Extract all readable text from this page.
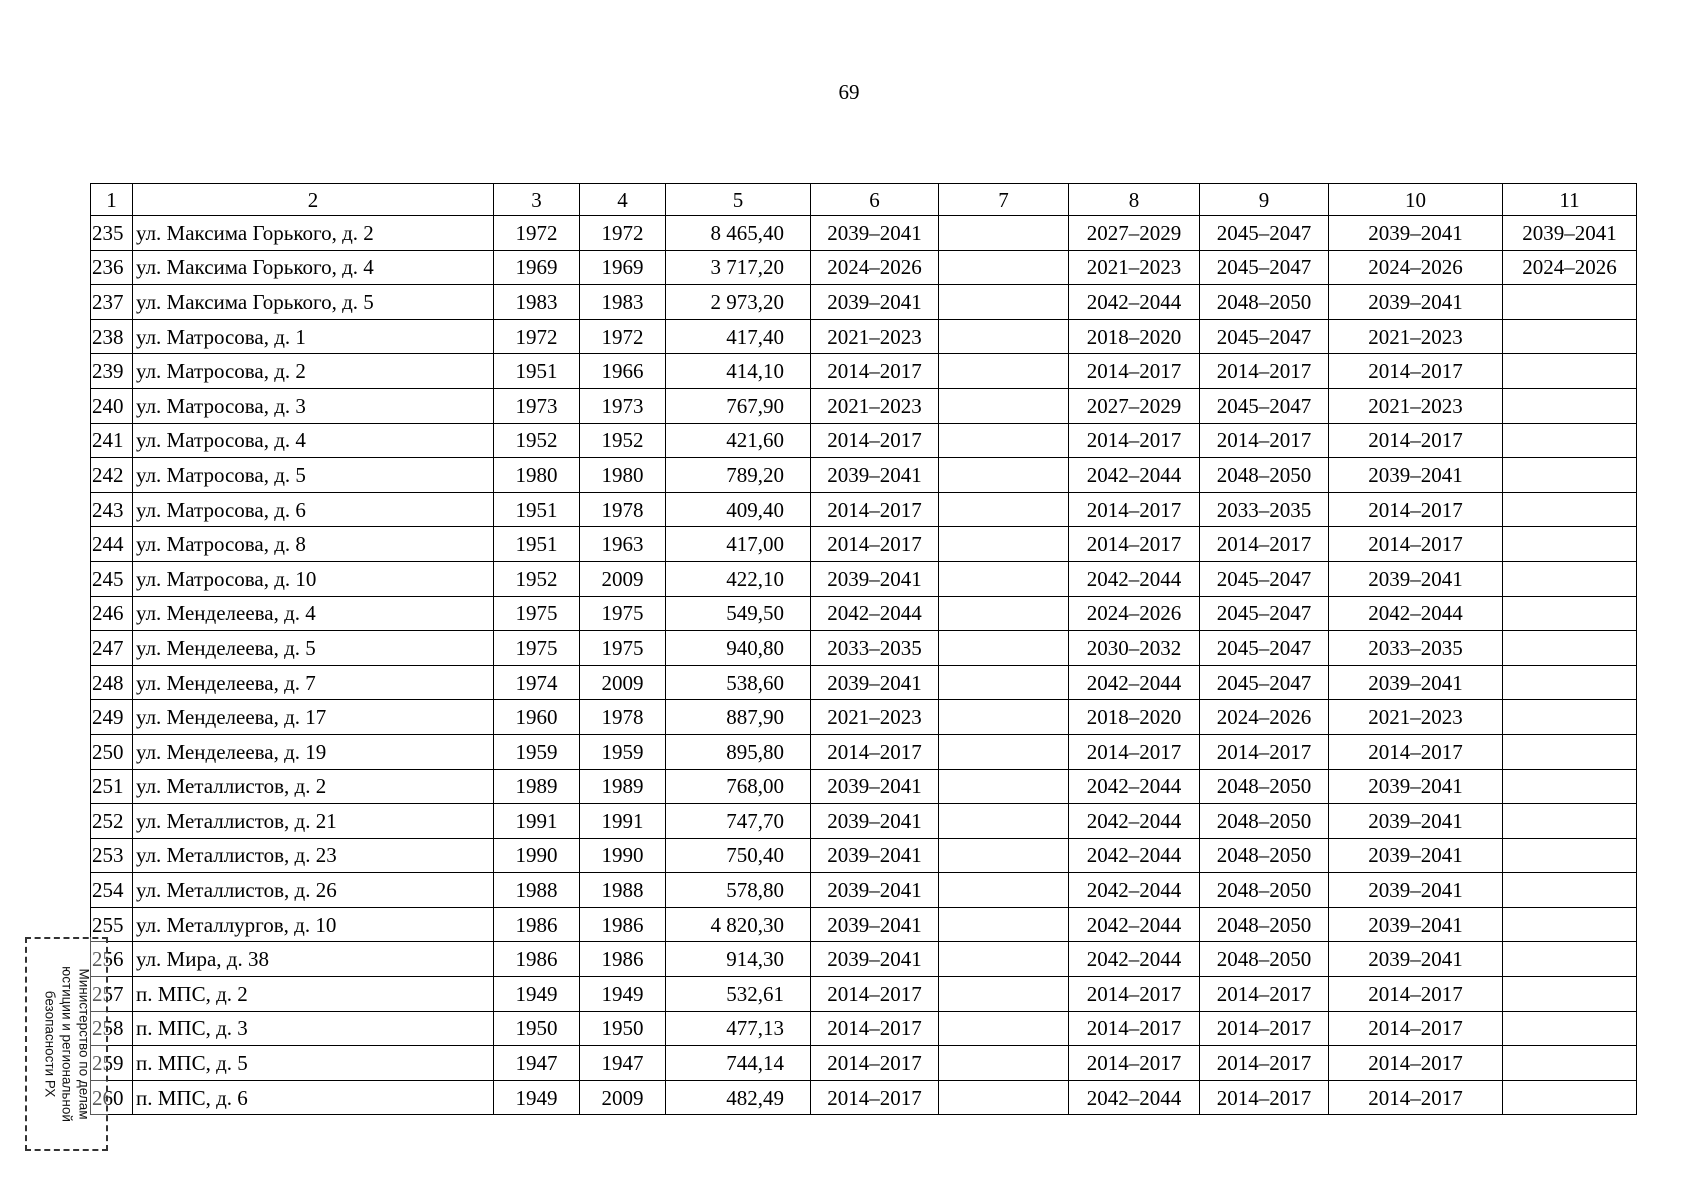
69
1	2	3	4	5	6	7	8	9	10	11
235	ул. Максима Горького, д. 2	1972	1972	8 465,40	2039–2041		2027–2029	2045–2047	2039–2041	2039–2041
236	ул. Максима Горького, д. 4	1969	1969	3 717,20	2024–2026		2021–2023	2045–2047	2024–2026	2024–2026
237	ул. Максима Горького, д. 5	1983	1983	2 973,20	2039–2041		2042–2044	2048–2050	2039–2041	
238	ул. Матросова, д. 1	1972	1972	417,40	2021–2023		2018–2020	2045–2047	2021–2023	
239	ул. Матросова, д. 2	1951	1966	414,10	2014–2017		2014–2017	2014–2017	2014–2017	
240	ул. Матросова, д. 3	1973	1973	767,90	2021–2023		2027–2029	2045–2047	2021–2023	
241	ул. Матросова, д. 4	1952	1952	421,60	2014–2017		2014–2017	2014–2017	2014–2017	
242	ул. Матросова, д. 5	1980	1980	789,20	2039–2041		2042–2044	2048–2050	2039–2041	
243	ул. Матросова, д. 6	1951	1978	409,40	2014–2017		2014–2017	2033–2035	2014–2017	
244	ул. Матросова, д. 8	1951	1963	417,00	2014–2017		2014–2017	2014–2017	2014–2017	
245	ул. Матросова, д. 10	1952	2009	422,10	2039–2041		2042–2044	2045–2047	2039–2041	
246	ул. Менделеева, д. 4	1975	1975	549,50	2042–2044		2024–2026	2045–2047	2042–2044	
247	ул. Менделеева, д. 5	1975	1975	940,80	2033–2035		2030–2032	2045–2047	2033–2035	
248	ул. Менделеева, д. 7	1974	2009	538,60	2039–2041		2042–2044	2045–2047	2039–2041	
249	ул. Менделеева, д. 17	1960	1978	887,90	2021–2023		2018–2020	2024–2026	2021–2023	
250	ул. Менделеева, д. 19	1959	1959	895,80	2014–2017		2014–2017	2014–2017	2014–2017	
251	ул. Металлистов, д. 2	1989	1989	768,00	2039–2041		2042–2044	2048–2050	2039–2041	
252	ул. Металлистов, д. 21	1991	1991	747,70	2039–2041		2042–2044	2048–2050	2039–2041	
253	ул. Металлистов, д. 23	1990	1990	750,40	2039–2041		2042–2044	2048–2050	2039–2041	
254	ул. Металлистов, д. 26	1988	1988	578,80	2039–2041		2042–2044	2048–2050	2039–2041	
255	ул. Металлургов, д. 10	1986	1986	4 820,30	2039–2041		2042–2044	2048–2050	2039–2041	
256	ул. Мира, д. 38	1986	1986	914,30	2039–2041		2042–2044	2048–2050	2039–2041	
257	п. МПС, д. 2	1949	1949	532,61	2014–2017		2014–2017	2014–2017	2014–2017	
258	п. МПС, д. 3	1950	1950	477,13	2014–2017		2014–2017	2014–2017	2014–2017	
259	п. МПС, д. 5	1947	1947	744,14	2014–2017		2014–2017	2014–2017	2014–2017	
260	п. МПС, д. 6	1949	2009	482,49	2014–2017		2042–2044	2014–2017	2014–2017	
Министерство по делам
юстиции и региональной
безопасности РХ
